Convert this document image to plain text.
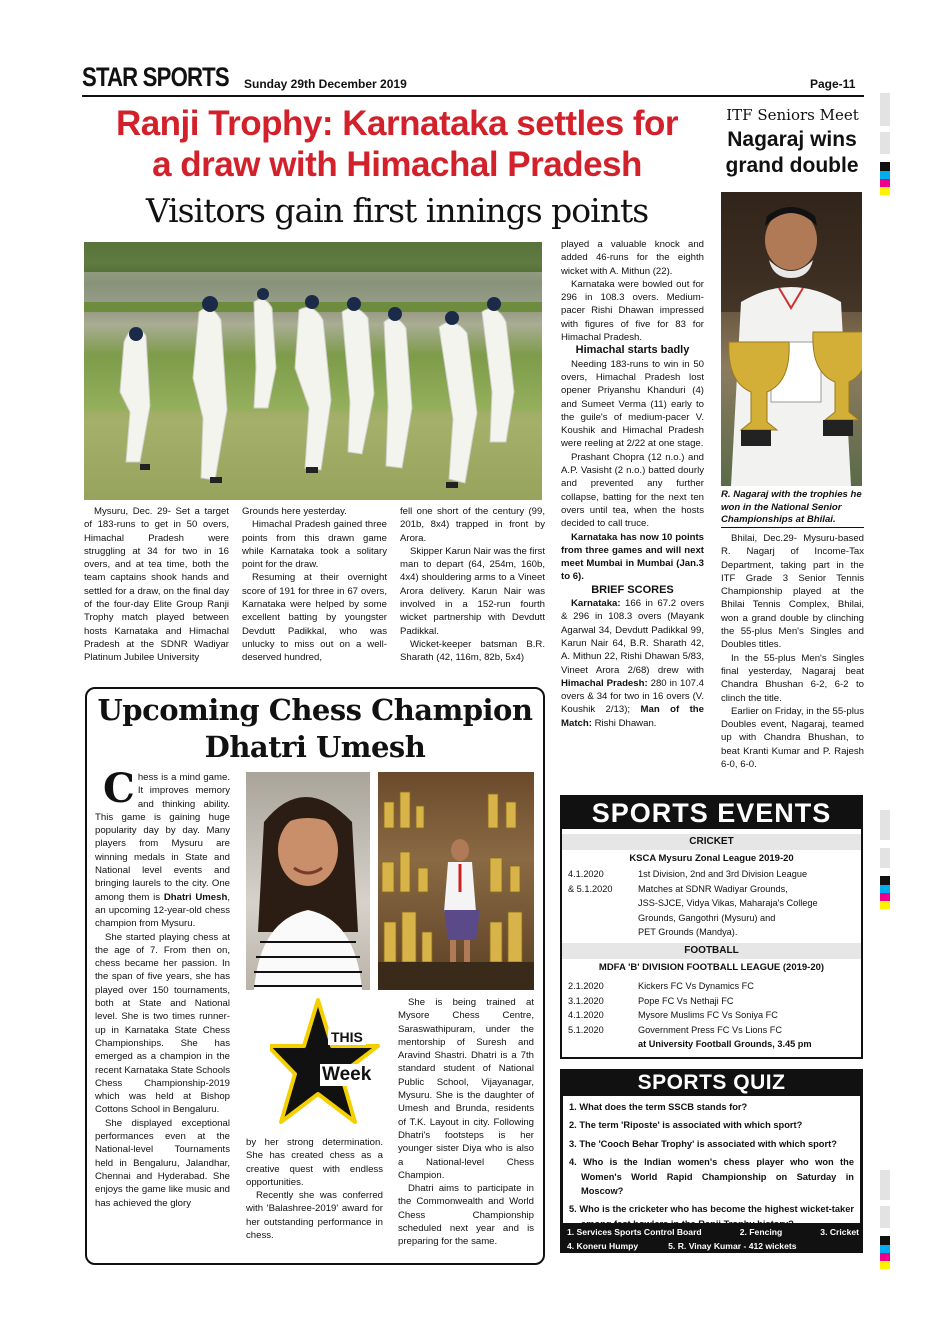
STAR SPORTS Sunday 29th December 2019	Page-11
Ranji Trophy: Karnataka settles for
a draw with Himachal Pradesh
Visitors gain first innings points

Mysuru, Dec. 29- Set a target of 183-runs to get in 50 overs, Himachal Pradesh were struggling at 34 for two in 16 overs, and at tea time, both the team captains shook hands and settled for a draw, on the final day of the four-day Elite Group Ranji Trophy match played between hosts Karnataka and Himachal Pradesh at the SDNR Wadiyar Platinum Jubilee University

Grounds here yesterday.

Himachal Pradesh gained three points from this drawn game while Karnataka took a solitary point for the draw.

Resuming at their overnight score of 191 for three in 67 overs, Karnataka were helped by some excellent batting by youngster Devdutt Padikkal, who was unlucky to miss out on a well-deserved hundred,

fell one short of the century (99, 201b, 8x4) trapped in front by Arora.

Skipper Karun Nair was the first man to depart (64, 254m, 160b, 4x4) shouldering arms to a Vineet Arora delivery. Karun Nair was involved in a 152-run fourth wicket partnership with Devdutt Padikkal.

Wicket-keeper batsman B.R. Sharath (42, 116m, 82b, 5x4)

played a valuable knock and added 46-runs for the eighth wicket with A. Mithun (22).

Karnataka were bowled out for 296 in 108.3 overs. Medium-pacer Rishi Dhawan impressed with figures of five for 83 for Himachal Pradesh.

Himachal starts badly

Needing 183-runs to win in 50 overs, Himachal Pradesh lost opener Priyanshu Khanduri (4) and Sumeet Verma (11) early to the guile's of medium-pacer V. Koushik and Himachal Pradesh were reeling at 2/22 at one stage.

Prashant Chopra (12 n.o.) and A.P. Vasisht (2 n.o.) batted dourly and prevented any further collapse, batting for the next ten overs until tea, when the hosts decided to call truce.

Karnataka has now 10 points from three games and will next meet Mumbai in Mumbai (Jan.3 to 6).

BRIEF SCORES

Karnataka: 166 in 67.2 overs & 296 in 108.3 overs (Mayank Agarwal 34, Devdutt Padikkal 99, Karun Nair 64, B.R. Sharath 42, A. Mithun 22, Rishi Dhawan 5/83, Vineet Arora 2/68) drew with Himachal Pradesh: 280 in 107.4 overs & 34 for two in 16 overs (V. Koushik 2/13); Man of the Match: Rishi Dhawan.

ITF Seniors Meet
Nagaraj wins
grand double
R. Nagaraj with the trophies he won in the National Senior Championships at Bhilai.

Bhilai, Dec.29- Mysuru-based R. Nagarj of Income-Tax Department, taking part in the ITF Grade 3 Senior Tennis Championship played at the Bhilai Tennis Complex, Bhilai, won a grand double by clinching the 55-plus Men's Singles and Doubles titles.

In the 55-plus Men's Singles final yesterday, Nagaraj beat Chandra Bhushan 6-2, 6-2 to clinch the title.

Earlier on Friday, in the 55-plus Doubles event, Nagaraj, teamed up with Chandra Bhushan, to beat Kranti Kumar and P. Rajesh 6-0, 6-0.

Upcoming Chess Champion
Dhatri Umesh

Chess is a mind game. It improves memory and thinking ability. This game is gaining huge popularity day by day. Many players from Mysuru are winning medals in State and National level events and bringing laurels to the city. One among them is Dhatri Umesh, an upcoming 12-year-old chess champion from Mysuru.

She started playing chess at the age of 7. From then on, chess became her passion. In the span of five years, she has played over 150 tournaments, both at State and National level. She is two times runner-up in Karnataka State Chess Championships. She has emerged as a champion in the recent Karnataka State Schools Chess Championship-2019 which was held at Bishop Cottons School in Bengaluru.

She displayed exceptional performances even at the National-level Tournaments held in Bengaluru, Jalandhar, Chennai and Hyderabad. She enjoys the game like music and has achieved the glory

THIS
Week

by her strong determination. She has created chess as a creative quest with endless opportunities.

Recently she was conferred with 'Balashree-2019' award for her outstanding performance in chess.

She is being trained at Mysore Chess Centre, Saraswathipuram, under the mentorship of Suresh and Aravind Shastri. Dhatri is a 7th standard student of National Public School, Vijayanagar, Mysuru. She is the daughter of Umesh and Brunda, residents of T.K. Layout in city. Following Dhatri's footsteps is her younger sister Diya who is also a National-level Chess Champion.

Dhatri aims to participate in the Commonwealth and World Chess Championship scheduled next year and is preparing for the same.

SPORTS EVENTS
CRICKET
KSCA Mysuru Zonal League 2019-20
4.1.2020	1st Division, 2nd and 3rd Division League
& 5.1.2020	Matches at SDNR Wadiyar Grounds,
JSS-SJCE, Vidya Vikas, Maharaja's College
Grounds, Gangothri (Mysuru) and
PET Grounds (Mandya).
FOOTBALL
MDFA 'B' DIVISION FOOTBALL LEAGUE (2019-20)
2.1.2020	Kickers FC Vs Dynamics FC
3.1.2020	Pope FC Vs Nethaji FC
4.1.2020	Mysore Muslims FC Vs Soniya FC
5.1.2020	Government Press FC Vs Lions FC
at University Football Grounds, 3.45 pm
SPORTS QUIZ
1. What does the term SSCB stands for?
2. The term 'Riposte' is associated with which sport?
3. The 'Cooch Behar Trophy' is associated with which sport?
4. Who is the Indian women's chess player who won the Women's World Rapid Championship on Saturday in Moscow?
5. Who is the cricketer who has become the highest wicket-taker among fast bowlers in the Ranji Trophy history?
1. Services Sports Control Board	2. Fencing	3. Cricket
4. Koneru Humpy	5. R. Vinay Kumar - 412 wickets
